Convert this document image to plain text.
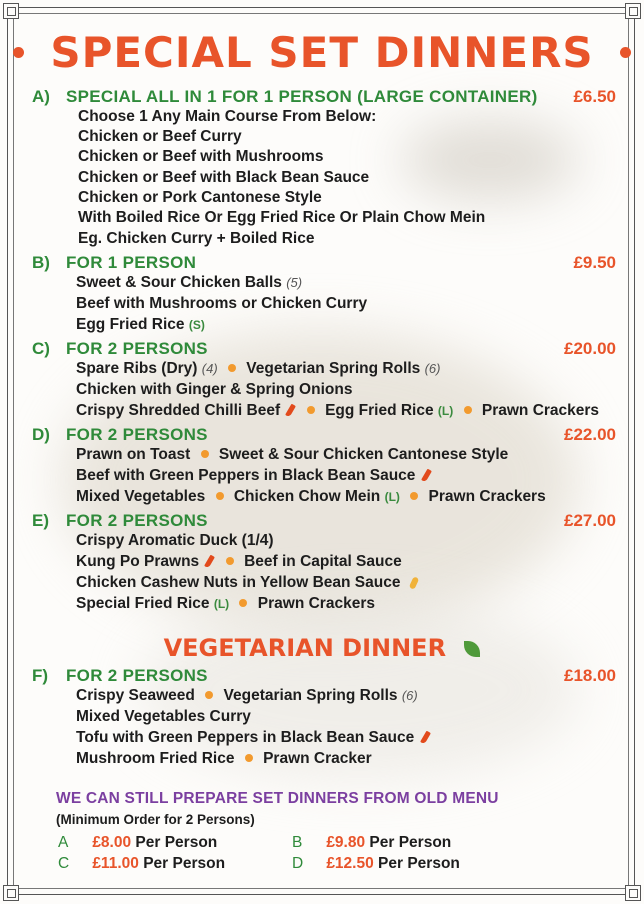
SPECIAL SET DINNERS
A) SPECIAL ALL IN 1 FOR 1 PERSON (LARGE CONTAINER)	£6.50
Choose 1 Any Main Course From Below:
Chicken or Beef Curry
Chicken or Beef with Mushrooms
Chicken or Beef with Black Bean Sauce
Chicken or Pork Cantonese Style
With Boiled Rice Or Egg Fried Rice Or Plain Chow Mein
Eg. Chicken Curry + Boiled Rice
B) FOR 1 PERSON	£9.50
Sweet & Sour Chicken Balls (5)
Beef with Mushrooms or Chicken Curry
Egg Fried Rice (S)
C) FOR 2 PERSONS	£20.00
Spare Ribs (Dry) (4) Vegetarian Spring Rolls (6)
Chicken with Ginger & Spring Onions
Crispy Shredded Chilli Beef	Egg Fried Rice (L) Prawn Crackers
D) FOR 2 PERSONS	£22.00
Prawn on Toast Sweet & Sour Chicken Cantonese Style
Beef with Green Peppers in Black Bean Sauce
Mixed Vegetables Chicken Chow Mein (L) Prawn Crackers
E)	FOR 2 PERSONS	£27.00
Crispy Aromatic Duck (1/4)
Kung Po Prawns	Beef in Capital Sauce
Chicken Cashew Nuts in Yellow Bean Sauce
Special Fried Rice (L) Prawn Crackers
VEGETARIAN DINNER
F)	FOR 2 PERSONS	£18.00
Crispy Seaweed Vegetarian Spring Rolls (6)
Mixed Vegetables Curry
Tofu with Green Peppers in Black Bean Sauce
Mushroom Fried Rice Prawn Cracker
WE CAN STILL PREPARE SET DINNERS FROM OLD MENU
(Minimum Order for 2 Persons)
A £8.00 Per Person	B £9.80 Per Person
C £11.00 Per Person	D £12.50 Per Person
